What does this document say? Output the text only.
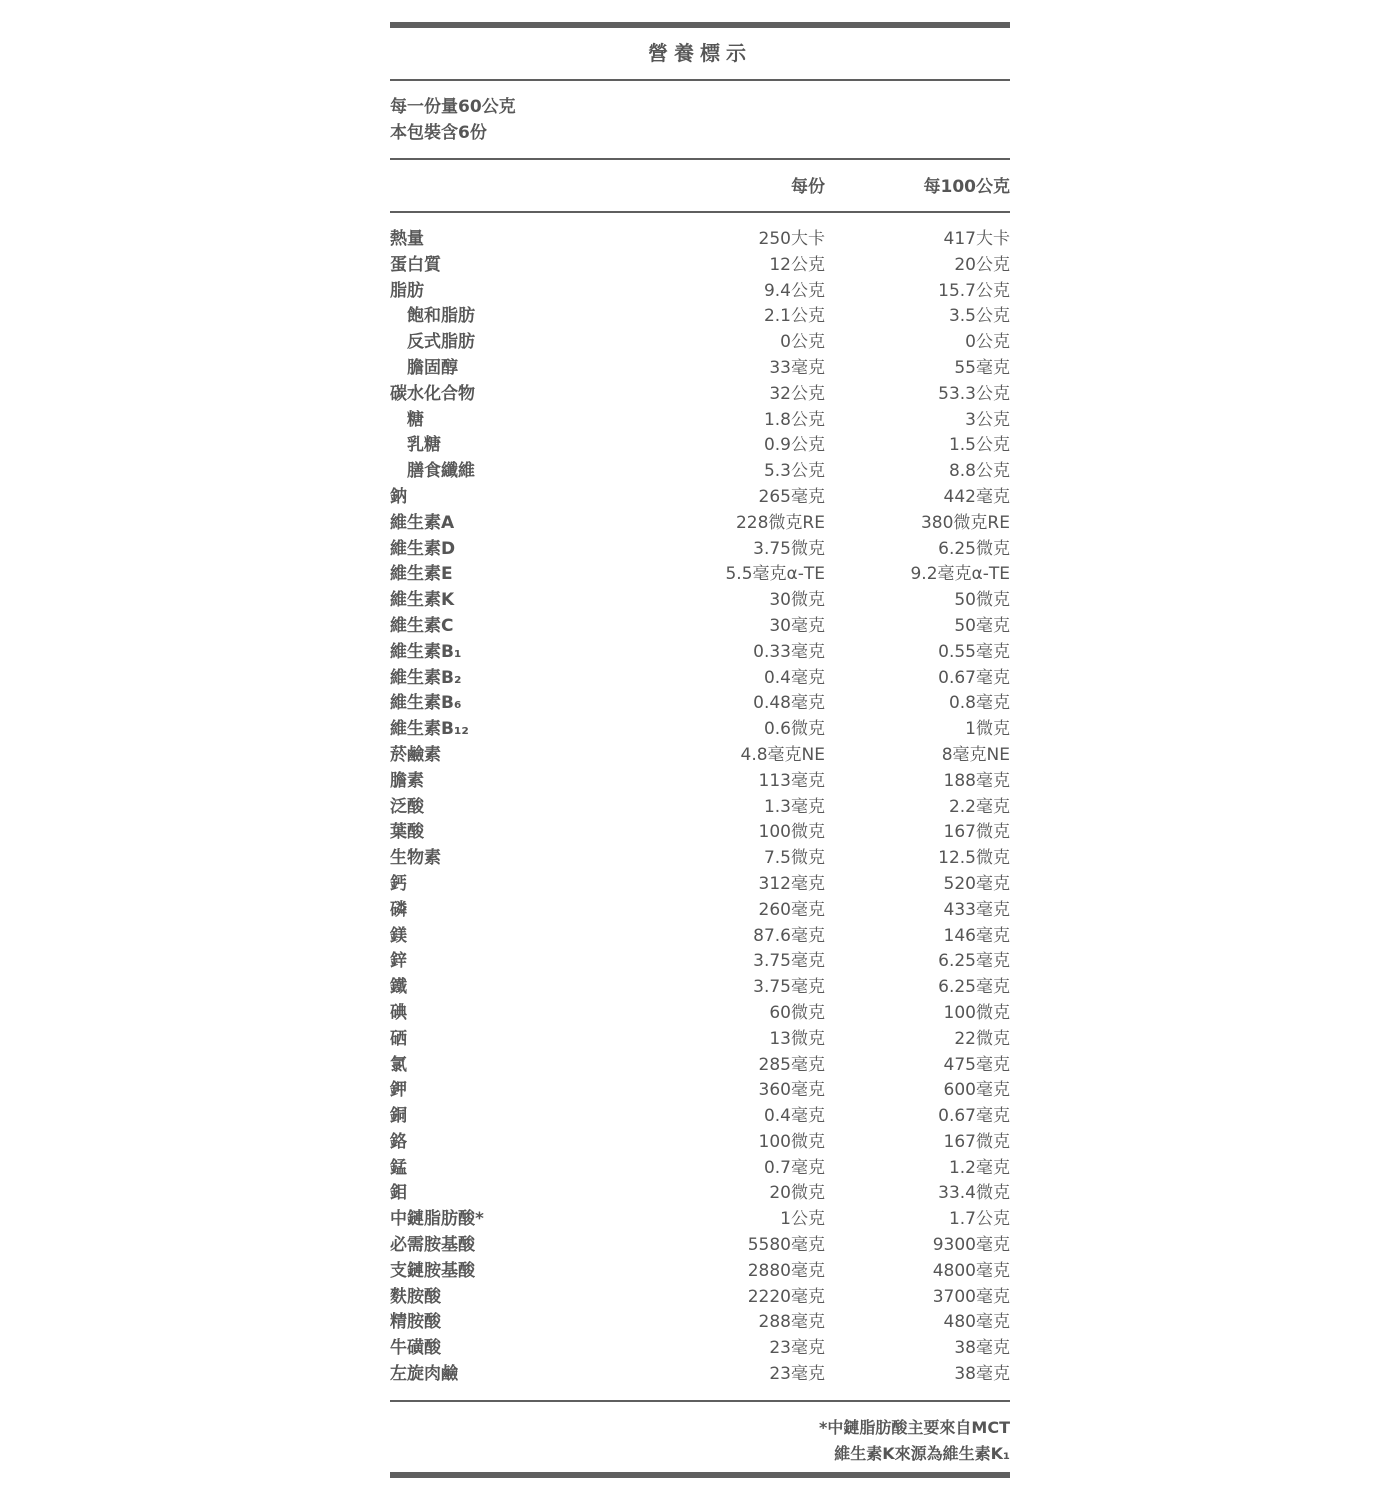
營養標示
每一份量60公克
本包裝含6份
每份	每100公克
熱量	250大卡	417大卡
蛋白質	12公克	20公克
脂肪	9.4公克	15.7公克
飽和脂肪	2.1公克	3.5公克
反式脂肪	0公克	0公克
膽固醇	33毫克	55毫克
碳水化合物	32公克	53.3公克
糖	1.8公克	3公克
乳糖	0.9公克	1.5公克
膳食纖維	5.3公克	8.8公克
鈉	265毫克	442毫克
維生素A	228微克RE	380微克RE
維生素D	3.75微克	6.25微克
維生素E	5.5毫克α-TE	9.2毫克α-TE
維生素K	30微克	50微克
維生素C	30毫克	50毫克
維生素B₁	0.33毫克	0.55毫克
維生素B₂	0.4毫克	0.67毫克
維生素B₆	0.48毫克	0.8毫克
維生素B₁₂	0.6微克	1微克
菸鹼素	4.8毫克NE	8毫克NE
膽素	113毫克	188毫克
泛酸	1.3毫克	2.2毫克
葉酸	100微克	167微克
生物素	7.5微克	12.5微克
鈣	312毫克	520毫克
磷	260毫克	433毫克
鎂	87.6毫克	146毫克
鋅	3.75毫克	6.25毫克
鐵	3.75毫克	6.25毫克
碘	60微克	100微克
硒	13微克	22微克
氯	285毫克	475毫克
鉀	360毫克	600毫克
銅	0.4毫克	0.67毫克
鉻	100微克	167微克
錳	0.7毫克	1.2毫克
鉬	20微克	33.4微克
中鏈脂肪酸*	1公克	1.7公克
必需胺基酸	5580毫克	9300毫克
支鏈胺基酸	2880毫克	4800毫克
麩胺酸	2220毫克	3700毫克
精胺酸	288毫克	480毫克
牛磺酸	23毫克	38毫克
左旋肉鹼	23毫克	38毫克
*中鏈脂肪酸主要來自MCT
維生素K來源為維生素K₁
